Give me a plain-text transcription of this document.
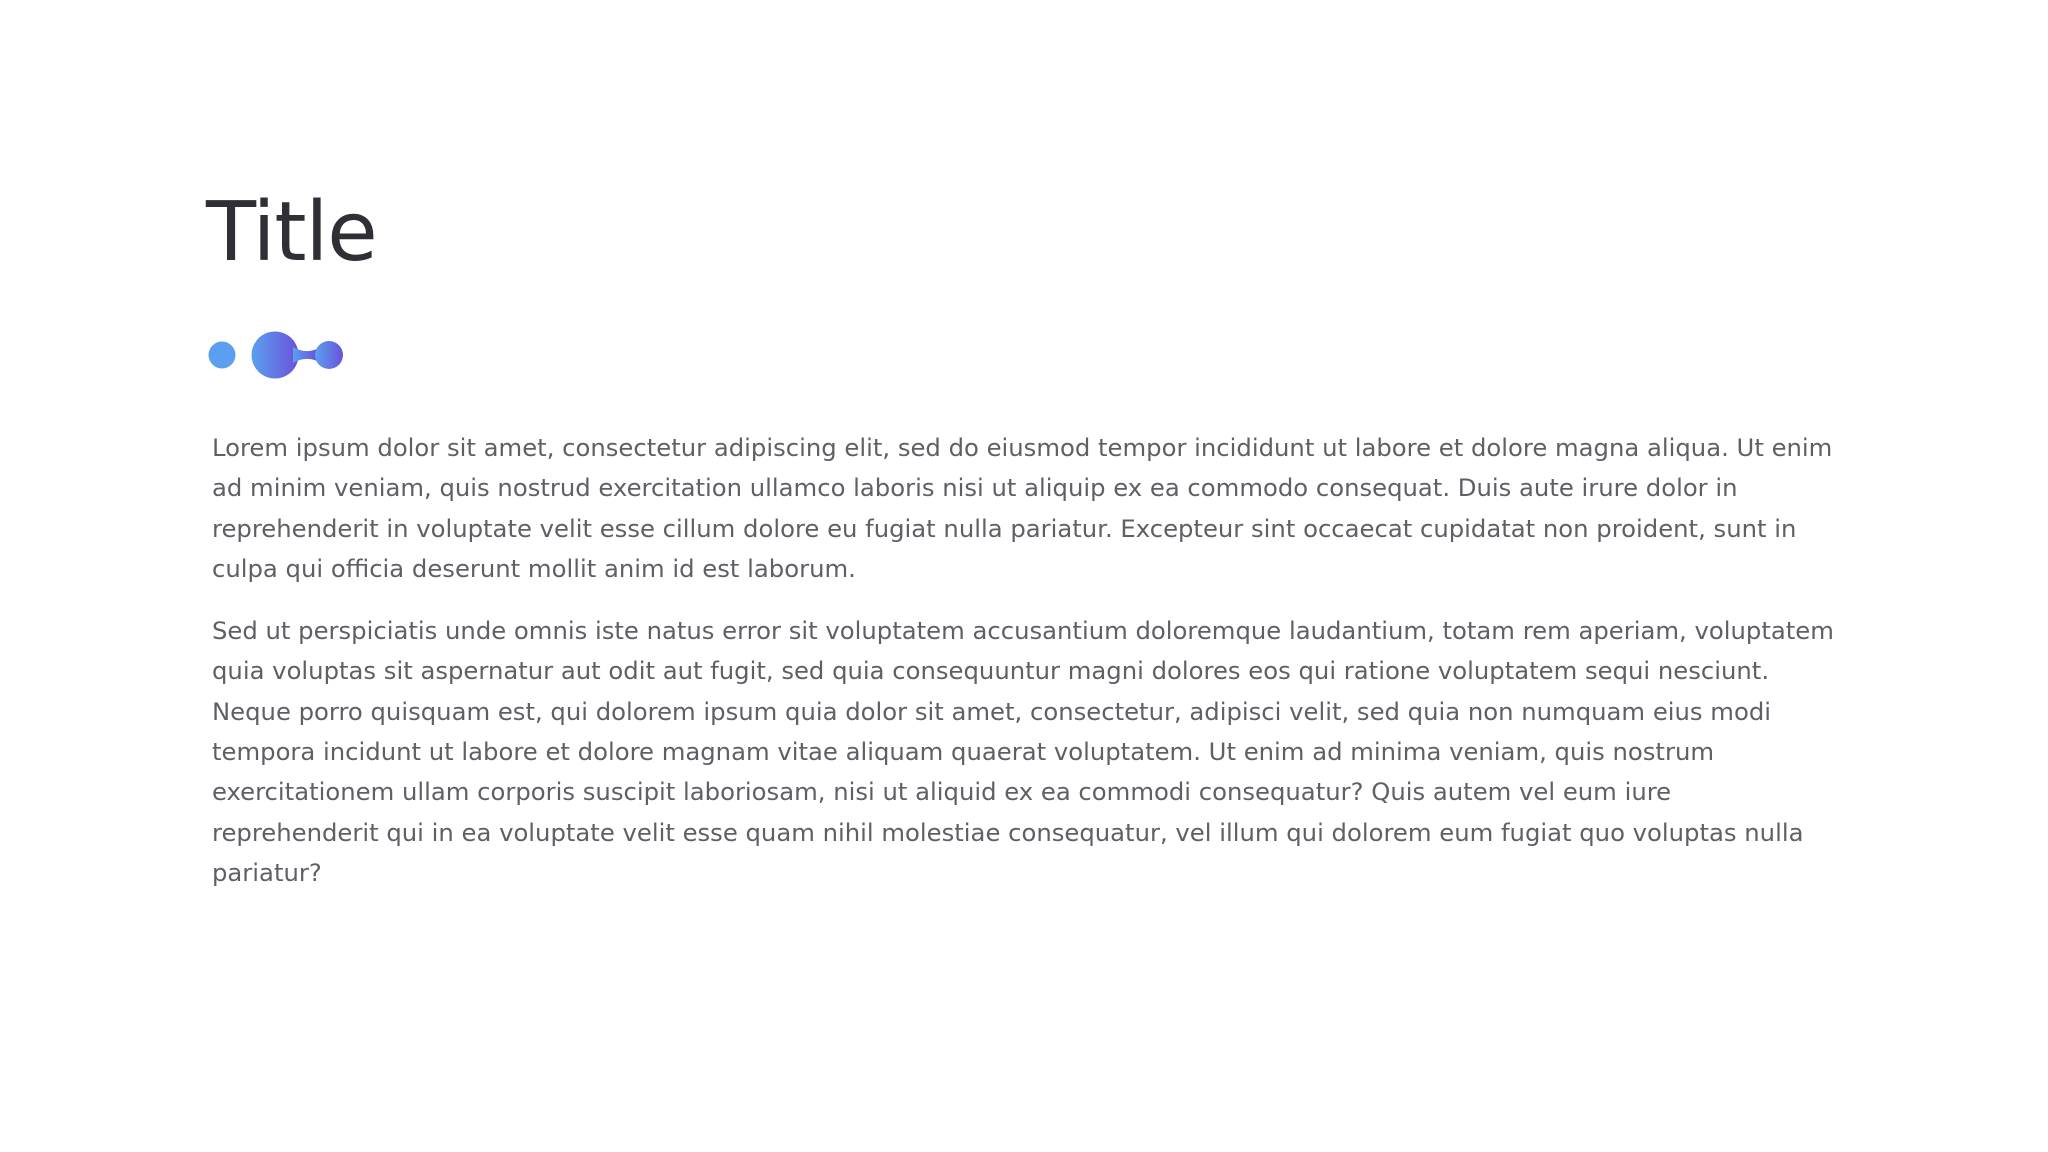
Title

Lorem ipsum dolor sit amet, consectetur adipiscing elit, sed do eiusmod tempor incididunt ut labore et dolore magna aliqua. Ut enim ad minim veniam, quis nostrud exercitation ullamco laboris nisi ut aliquip ex ea commodo consequat. Duis aute irure dolor in reprehenderit in voluptate velit esse cillum dolore eu fugiat nulla pariatur. Excepteur sint occaecat cupidatat non proident, sunt in culpa qui officia deserunt mollit anim id est laborum.

Sed ut perspiciatis unde omnis iste natus error sit voluptatem accusantium doloremque laudantium, totam rem aperiam, voluptatem quia voluptas sit aspernatur aut odit aut fugit, sed quia consequuntur magni dolores eos qui ratione voluptatem sequi nesciunt. Neque porro quisquam est, qui dolorem ipsum quia dolor sit amet, consectetur, adipisci velit, sed quia non numquam eius modi tempora incidunt ut labore et dolore magnam vitae aliquam quaerat voluptatem. Ut enim ad minima veniam, quis nostrum exercitationem ullam corporis suscipit laboriosam, nisi ut aliquid ex ea commodi consequatur? Quis autem vel eum iure reprehenderit qui in ea voluptate velit esse quam nihil molestiae consequatur, vel illum qui dolorem eum fugiat quo voluptas nulla pariatur?
